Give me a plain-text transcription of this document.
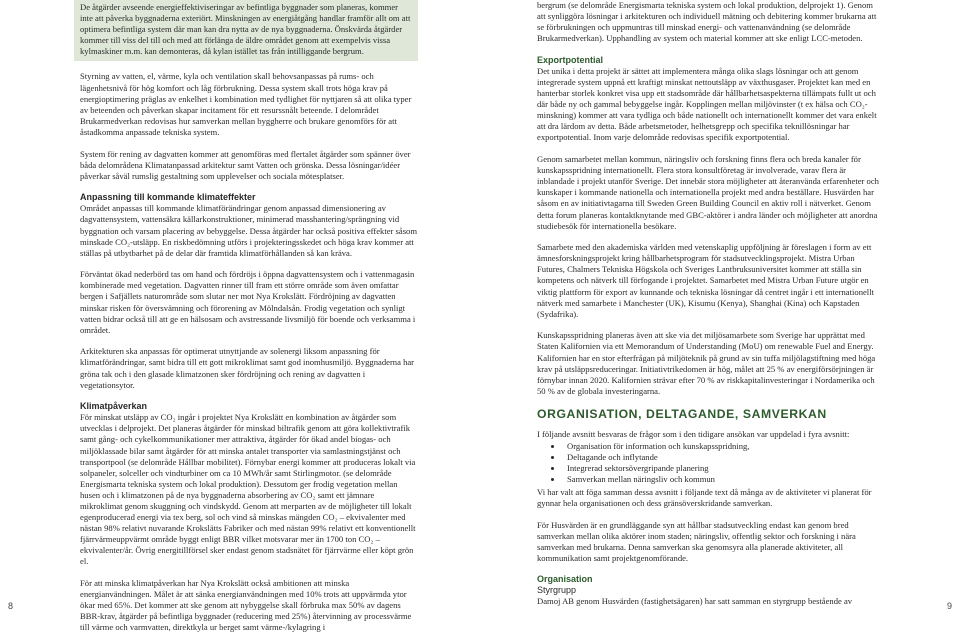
De åtgärder avseende energieffektiviseringar av befintliga byggnader som planeras, kommer inte att påverka byggnaderna exteriört. Minskningen av energiåtgång handlar framför allt om att optimera befintliga system där man kan dra nytta av de nya byggnaderna. Önskvärda åtgärder kommer till viss del till och med att förlänga de äldre området genom att exempelvis vissa kylmaskiner m.m. kan demonteras, då kylan istället tas från intilliggande bergrum.

Styrning av vatten, el, värme, kyla och ventilation skall behovsanpassas på rums- och lägenhetsnivå för hög komfort och låg förbrukning. Dessa system skall trots höga krav på energioptimering präglas av enkelhet i kombination med tydlighet för nyttjaren så att olika typer av beteenden och påverkan skapar incitament för ett resurssnålt beteende. I delområdet Brukarmedverkan redovisas hur samverkan mellan byggherre och brukare genomförs för att åstadkomma anpassade tekniska system.

System för rening av dagvatten kommer att genomföras med flertalet åtgärder som spänner över båda delområdena Klimatanpassad arkitektur samt Vatten och grönska. Dessa lösningar/idéer påverkar såväl rumslig gestaltning som upplevelser och sociala mötesplatser.

Anpassning till kommande klimateffekter

Området anpassas till kommande klimatförändringar genom anpassad dimensionering av dagvattensystem, vattensäkra källarkonstruktioner, minimerad masshantering/sprängning vid byggnation och varsam placering av bebyggelse. Dessa åtgärder har också positiva effekter såsom minskade CO₂-utsläpp. En riskbedömning utförs i projekteringsskedet och höga krav kommer att ställas på utbytbarhet på de delar där framtida klimatförhållanden så kan kräva.

Förväntat ökad nederbörd tas om hand och fördröjs i öppna dagvattensystem och i vattenmagasin kombinerade med vegetation. Dagvatten rinner till fram ett större område som även omfattar bergen i Safjällets naturområde som slutar ner mot Nya Krokslätt. Fördröjning av dagvatten minskar risken för översvämning och förorening av Mölndalsån. Frodig vegetation och synligt vatten bidrar också till att ge en hälsosam och avstressande livsmiljö för boende och verksamma i området.

Arkitekturen ska anpassas för optimerat utnyttjande av solenergi liksom anpassning för klimatförändringar, samt bidra till ett gott mikroklimat samt god inomhusmiljö. Byggnaderna har gröna tak och i den glasade klimatzonen sker fördröjning och rening av dagvatten i vegetationsytor.

Klimatpåverkan

För minskat utsläpp av CO₂ ingår i projektet Nya Krokslätt en kombination av åtgärder som utvecklas i delprojekt. Det planeras åtgärder för minskad biltrafik genom att göra kollektivtrafik samt gång- och cykelkommunikationer mer attraktiva, åtgärder för ökad andel biogas- och miljöklassade bilar samt åtgärder för att minska antalet transporter via samlastningstjänst och transportpool (se delområde Hållbar mobilitet). Förnybar energi kommer att produceras lokalt via solpaneler, solceller och vindturbiner om ca 10 MWh/år samt Stirlingmotor. (se delområde Energismarta tekniska system och lokal produktion). Dessutom ger frodig vegetation mellan husen och i klimatzonen på de nya byggnaderna absorbering av CO₂ samt ett jämnare mikroklimat genom skuggning och vindskydd. Genom att merparten av de möjligheter till lokalt egenproducerad energi via tex berg, sol och vind så minskas mängden CO₂ – ekvivalenter med nästan 98% relativt nuvarande Krokslätts Fabriker och med nästan 99% relativt ett konventionellt fjärrvärmeuppvärmt område byggt enligt BBR vilket motsvarar mer än 1700 ton CO₂ – ekvivalenter/år. Övrig energitillförsel sker endast genom stadsnätet för fjärrvärme eller köpt grön el.

För att minska klimatpåverkan har Nya Krokslätt också ambitionen att minska energianvändningen. Målet är att sänka energianvändningen med 10% trots att uppvärmda ytor ökar med 65%. Det kommer att ske genom att nybyggelse skall förbruka max 50% av dagens BBR-krav, åtgärder på befintliga byggnader (reducering med 25%) återvinning av processvärme till värme och varmvatten, direktkyla ur berget samt värme-/kylagring i

bergrum (se delområde Energismarta tekniska system och lokal produktion, delprojekt 1). Genom att synliggöra lösningar i arkitekturen och individuell mätning och debitering kommer brukarna att se förbrukningen och uppmuntras till minskad energi- och vattenanvändning (se delområde Brukarmedverkan). Upphandling av system och material kommer att ske enligt LCC-metoden.

Exportpotential

Det unika i detta projekt är sättet att implementera många olika slags lösningar och att genom integrerade system uppnå ett kraftigt minskat nettoutsläpp av växthusgaser. Projektet kan med en hanterbar storlek konkret visa upp ett stadsområde där hållbarhetsaspekterna tillämpats fullt ut och där både ny och gammal bebyggelse ingår. Kopplingen mellan miljövinster (t ex hälsa och CO₂-minskning) kommer att vara tydliga och både nationellt och internationellt kommer det vara enkelt att dra lärdom av detta. Både arbetsmetoder, helhetsgrepp och specifika teknillösningar har exportpotential. Inom varje delområde redovisas specifik exportpotential.

Genom samarbetet mellan kommun, näringsliv och forskning finns flera och breda kanaler för kunskapsspridning internationellt. Flera stora konsultföretag är involverade, varav flera är inblandade i projekt utanför Sverige. Det innebär stora möjligheter att återanvända erfarenheter och kunskaper i kommande nationella och internationella projekt med andra beställare. Husvärden har såsom en av initiativtagarna till Sweden Green Building Council en aktiv roll i nätverket. Genom detta forum planeras kontaktknytande med GBC-aktörer i andra länder och möjligheter att anordna studiebesök för internationella besökare.

Samarbete med den akademiska världen med vetenskaplig uppföljning är föreslagen i form av ett ämnesforskningsprojekt kring hållbarhetsprogram för stadsutvecklingsprojekt. Mistra Urban Futures, Chalmers Tekniska Högskola och Sveriges Lantbruksuniversitet kommer att ställa sin kompetens och nätverk till förfogande i projektet. Samarbetet med Mistra Urban Future utgör en viktig plattform för export av kunnande och tekniska lösningar då centret ingår i ett internationellt nätverk med samarbete i Manchester (UK), Kisumu (Kenya), Shanghai (Kina) och Kapstaden (Sydafrika).

Kunskapsspridning planeras även att ske via det miljösamarbete som Sverige har upprättat med Staten Kalifornien via ett Memorandum of Understanding (MoU) om renewable Fuel and Energy. Kalifornien har en stor efterfrågan på miljöteknik på grund av sin tuffa miljölagstiftning med höga krav på utsläppsreduceringar. Initiativtrikedomen är hög, målet att 25 % av energiförsörjningen är förnybar innan 2020. Kalifornien strävar efter 70 % av riskkapitalinvesteringar i Nordamerika och 50 % av de globala investeringarna.

ORGANISATION, DELTAGANDE, SAMVERKAN

I följande avsnitt besvaras de frågor som i den tidigare ansökan var uppdelad i fyra avsnitt:

• Organisation för information och kunskapsspridning,
• Deltagande och inflytande
• Integrerad sektorsövergripande planering
• Samverkan mellan näringsliv och kommun

Vi har valt att föga samman dessa avsnitt i följande text då många av de aktiviteter vi planerat för gynnar hela organisationen och dess gränsöverskridande samverkan.

För Husvärden är en grundläggande syn att hållbar stadsutveckling endast kan genom bred samverkan mellan olika aktörer inom staden; näringsliv, offentlig sektor och forskning i nära samverkan med brukarna. Denna samverkan ska genomsyra alla planerade aktiviteter, all kommunikation samt projektgenomförande.

Organisation
Styrgrupp

Damoj AB genom Husvärden (fastighetsägaren) har satt samman en styrgrupp bestående av

8	9
